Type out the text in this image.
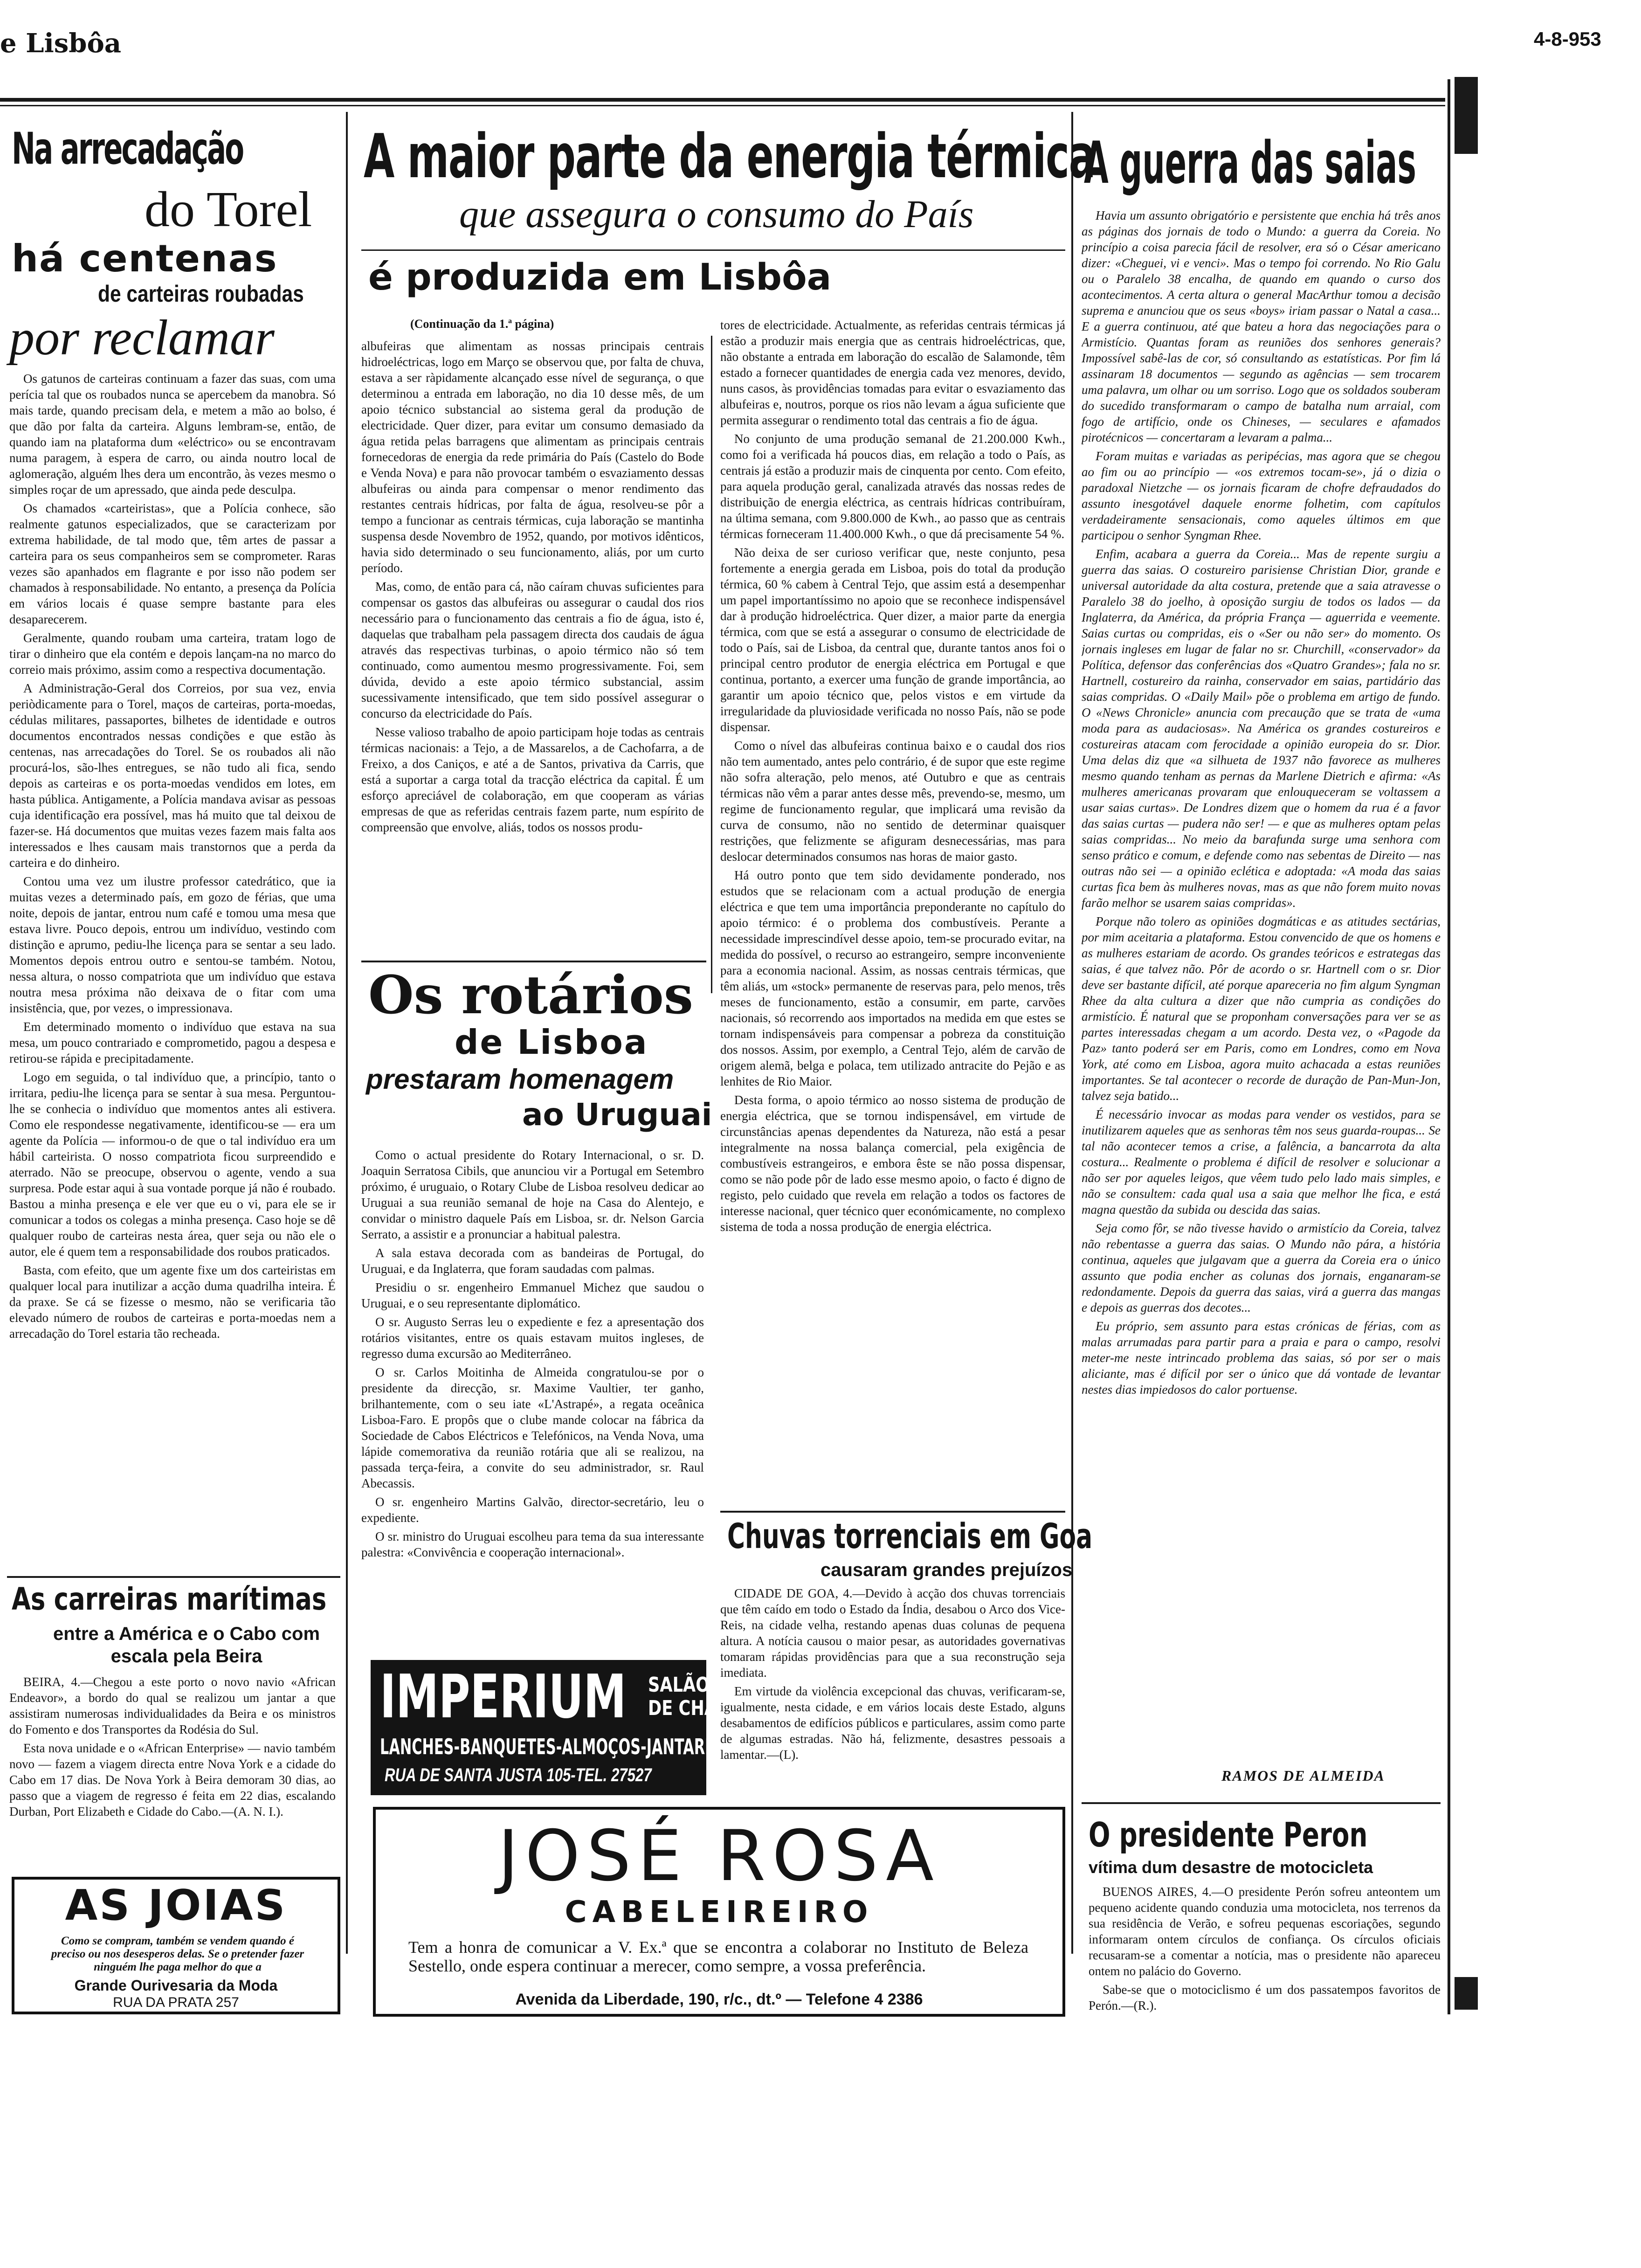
e Lisbôa	4-8-953
Na arrecadação
do Torel
há centenas
de carteiras roubadas
por reclamar

Os gatunos de carteiras continuam a fazer das suas, com uma perícia tal que os roubados nunca se apercebem da manobra. Só mais tarde, quando precisam dela, e metem a mão ao bolso, é que dão por falta da carteira. Alguns lembram-se, então, de quando iam na plataforma dum «eléctrico» ou se encontravam numa paragem, à espera de carro, ou ainda noutro local de aglomeração, alguém lhes dera um encontrão, às vezes mesmo o simples roçar de um apressado, que ainda pede desculpa.

Os chamados «carteiristas», que a Polícia conhece, são realmente gatunos especializados, que se caracterizam por extrema habilidade, de tal modo que, têm artes de passar a carteira para os seus companheiros sem se comprometer. Raras vezes são apanhados em flagrante e por isso não podem ser chamados à responsabilidade. No entanto, a presença da Polícia em vários locais é quase sempre bastante para eles desaparecerem.

Geralmente, quando roubam uma carteira, tratam logo de tirar o dinheiro que ela contém e depois lançam-na no marco do correio mais próximo, assim como a respectiva documentação.

A Administração-Geral dos Correios, por sua vez, envia periòdicamente para o Torel, maços de carteiras, porta-moedas, cédulas militares, passaportes, bilhetes de identidade e outros documentos encontrados nessas condições e que estão às centenas, nas arrecadações do Torel. Se os roubados ali não procurá-los, são-lhes entregues, se não tudo ali fica, sendo depois as carteiras e os porta-moedas vendidos em lotes, em hasta pública. Antigamente, a Polícia mandava avisar as pessoas cuja identificação era possível, mas há muito que tal deixou de fazer-se. Há documentos que muitas vezes fazem mais falta aos interessados e lhes causam mais transtornos que a perda da carteira e do dinheiro.

Contou uma vez um ilustre professor catedrático, que ia muitas vezes a determinado país, em gozo de férias, que uma noite, depois de jantar, entrou num café e tomou uma mesa que estava livre. Pouco depois, entrou um indivíduo, vestindo com distinção e aprumo, pediu-lhe licença para se sentar a seu lado. Momentos depois entrou outro e sentou-se também. Notou, nessa altura, o nosso compatriota que um indivíduo que estava noutra mesa próxima não deixava de o fitar com uma insistência, que, por vezes, o impressionava.

Em determinado momento o indivíduo que estava na sua mesa, um pouco contrariado e comprometido, pagou a despesa e retirou-se rápida e precipitadamente.

Logo em seguida, o tal indivíduo que, a princípio, tanto o irritara, pediu-lhe licença para se sentar à sua mesa. Perguntou-lhe se conhecia o indivíduo que momentos antes ali estivera. Como ele respondesse negativamente, identificou-se — era um agente da Polícia — informou-o de que o tal indivíduo era um hábil carteirista. O nosso compatriota ficou surpreendido e aterrado. Não se preocupe, observou o agente, vendo a sua surpresa. Pode estar aqui à sua vontade porque já não é roubado. Bastou a minha presença e ele ver que eu o vi, para ele se ir comunicar a todos os colegas a minha presença. Caso hoje se dê qualquer roubo de carteiras nesta área, quer seja ou não ele o autor, ele é quem tem a responsabilidade dos roubos praticados.

Basta, com efeito, que um agente fixe um dos carteiristas em qualquer local para inutilizar a acção duma quadrilha inteira. É da praxe. Se cá se fizesse o mesmo, não se verificaria tão elevado número de roubos de carteiras e porta-moedas nem a arrecadação do Torel estaria tão recheada.

As carreiras marítimas
entre a América e o Cabo com escala pela Beira

BEIRA, 4.—Chegou a este porto o novo navio «African Endeavor», a bordo do qual se realizou um jantar a que assistiram numerosas individualidades da Beira e os ministros do Fomento e dos Transportes da Rodésia do Sul.

Esta nova unidade e o «African Enterprise» — navio também novo — fazem a viagem directa entre Nova York e a cidade do Cabo em 17 dias. De Nova York à Beira demoram 30 dias, ao passo que a viagem de regresso é feita em 22 dias, escalando Durban, Port Elizabeth e Cidade do Cabo.—(A. N. I.).

AS JOIAS
Como se compram, também se vendem quando é preciso ou nos desesperos delas. Se o pretender fazer ninguém lhe paga melhor do que a
Grande Ourivesaria da Moda
RUA DA PRATA 257
A maior parte da energia térmica
que assegura o consumo do País
é produzida em Lisbôa
(Continuação da 1.ª página)

albufeiras que alimentam as nossas principais centrais hidroeléctricas, logo em Março se observou que, por falta de chuva, estava a ser ràpidamente alcançado esse nível de segurança, o que determinou a entrada em laboração, no dia 10 desse mês, de um apoio técnico substancial ao sistema geral da produção de electricidade. Quer dizer, para evitar um consumo demasiado da água retida pelas barragens que alimentam as principais centrais fornecedoras de energia da rede primária do País (Castelo do Bode e Venda Nova) e para não provocar também o esvaziamento dessas albufeiras ou ainda para compensar o menor rendimento das restantes centrais hídricas, por falta de água, resolveu-se pôr a tempo a funcionar as centrais térmicas, cuja laboração se mantinha suspensa desde Novembro de 1952, quando, por motivos idênticos, havia sido determinado o seu funcionamento, aliás, por um curto período.

Mas, como, de então para cá, não caíram chuvas suficientes para compensar os gastos das albufeiras ou assegurar o caudal dos rios necessário para o funcionamento das centrais a fio de água, isto é, daquelas que trabalham pela passagem directa dos caudais de água através das respectivas turbinas, o apoio térmico não só tem continuado, como aumentou mesmo progressivamente. Foi, sem dúvida, devido a este apoio térmico substancial, assim sucessivamente intensificado, que tem sido possível assegurar o concurso da electricidade do País.

Nesse valioso trabalho de apoio participam hoje todas as centrais térmicas nacionais: a Tejo, a de Massarelos, a de Cachofarra, a de Freixo, a dos Caniços, e até a de Santos, privativa da Carris, que está a suportar a carga total da tracção eléctrica da capital. É um esforço apreciável de colaboração, em que cooperam as várias empresas de que as referidas centrais fazem parte, num espírito de compreensão que envolve, aliás, todos os nossos produ-

tores de electricidade. Actualmente, as referidas centrais térmicas já estão a produzir mais energia que as centrais hidroeléctricas, que, não obstante a entrada em laboração do escalão de Salamonde, têm estado a fornecer quantidades de energia cada vez menores, devido, nuns casos, às providências tomadas para evitar o esvaziamento das albufeiras e, noutros, porque os rios não levam a água suficiente que permita assegurar o rendimento total das centrais a fio de água.

No conjunto de uma produção semanal de 21.200.000 Kwh., como foi a verificada há poucos dias, em relação a todo o País, as centrais já estão a produzir mais de cinquenta por cento. Com efeito, para aquela produção geral, canalizada através das nossas redes de distribuição de energia eléctrica, as centrais hídricas contribuíram, na última semana, com 9.800.000 de Kwh., ao passo que as centrais térmicas forneceram 11.400.000 Kwh., o que dá precisamente 54 %.

Não deixa de ser curioso verificar que, neste conjunto, pesa fortemente a energia gerada em Lisboa, pois do total da produção térmica, 60 % cabem à Central Tejo, que assim está a desempenhar um papel importantíssimo no apoio que se reconhece indispensável dar à produção hidroeléctrica. Quer dizer, a maior parte da energia térmica, com que se está a assegurar o consumo de electricidade de todo o País, sai de Lisboa, da central que, durante tantos anos foi o principal centro produtor de energia eléctrica em Portugal e que continua, portanto, a exercer uma função de grande importância, ao garantir um apoio técnico que, pelos vistos e em virtude da irregularidade da pluviosidade verificada no nosso País, não se pode dispensar.

Como o nível das albufeiras continua baixo e o caudal dos rios não tem aumentado, antes pelo contrário, é de supor que este regime não sofra alteração, pelo menos, até Outubro e que as centrais térmicas não vêm a parar antes desse mês, prevendo-se, mesmo, um regime de funcionamento regular, que implicará uma revisão da curva de consumo, não no sentido de determinar quaisquer restrições, que felizmente se afiguram desnecessárias, mas para deslocar determinados consumos nas horas de maior gasto.

Há outro ponto que tem sido devidamente ponderado, nos estudos que se relacionam com a actual produção de energia eléctrica e que tem uma importância preponderante no capítulo do apoio térmico: é o problema dos combustíveis. Perante a necessidade imprescindível desse apoio, tem-se procurado evitar, na medida do possível, o recurso ao estrangeiro, sempre inconveniente para a economia nacional. Assim, as nossas centrais térmicas, que têm aliás, um «stock» permanente de reservas para, pelo menos, três meses de funcionamento, estão a consumir, em parte, carvões nacionais, só recorrendo aos importados na medida em que estes se tornam indispensáveis para compensar a pobreza da constituição dos nossos. Assim, por exemplo, a Central Tejo, além de carvão de origem alemã, belga e polaca, tem utilizado antracite do Pejão e as lenhites de Rio Maior.

Desta forma, o apoio térmico ao nosso sistema de produção de energia eléctrica, que se tornou indispensável, em virtude de circunstâncias apenas dependentes da Natureza, não está a pesar integralmente na nossa balança comercial, pela exigência de combustíveis estrangeiros, e embora êste se não possa dispensar, como se não pode pôr de lado esse mesmo apoio, o facto é digno de registo, pelo cuidado que revela em relação a todos os factores de interesse nacional, quer técnico quer económicamente, no complexo sistema de toda a nossa produção de energia eléctrica.

Os rotários
de Lisboa
prestaram homenagem
ao Uruguai

Como o actual presidente do Rotary Internacional, o sr. D. Joaquin Serratosa Cibils, que anunciou vir a Portugal em Setembro próximo, é uruguaio, o Rotary Clube de Lisboa resolveu dedicar ao Uruguai a sua reunião semanal de hoje na Casa do Alentejo, e convidar o ministro daquele País em Lisboa, sr. dr. Nelson Garcia Serrato, a assistir e a pronunciar a habitual palestra.

A sala estava decorada com as bandeiras de Portugal, do Uruguai, e da Inglaterra, que foram saudadas com palmas.

Presidiu o sr. engenheiro Emmanuel Michez que saudou o Uruguai, e o seu representante diplomático.

O sr. Augusto Serras leu o expediente e fez a apresentação dos rotários visitantes, entre os quais estavam muitos ingleses, de regresso duma excursão ao Mediterrâneo.

O sr. Carlos Moitinha de Almeida congratulou-se por o presidente da direcção, sr. Maxime Vaultier, ter ganho, brilhantemente, com o seu iate «L'Astrapé», a regata oceânica Lisboa-Faro. E propôs que o clube mande colocar na fábrica da Sociedade de Cabos Eléctricos e Telefónicos, na Venda Nova, uma lápide comemorativa da reunião rotária que ali se realizou, na passada terça-feira, a convite do seu administrador, sr. Raul Abecassis.

O sr. engenheiro Martins Galvão, director-secretário, leu o expediente.

O sr. ministro do Uruguai escolheu para tema da sua interessante palestra: «Convivência e cooperação internacional».

IMPERIUM SALÃO
DE CHÁ
LANCHES-BANQUETES-ALMOÇOS-JANTARES
RUA DE SANTA JUSTA 105-TEL. 27527
Chuvas torrenciais em Goa
causaram grandes prejuízos

CIDADE DE GOA, 4.—Devido à acção dos chuvas torrenciais que têm caído em todo o Estado da Índia, desabou o Arco dos Vice-Reis, na cidade velha, restando apenas duas colunas de pequena altura. A notícia causou o maior pesar, as autoridades governativas tomaram rápidas providências para que a sua reconstrução seja imediata.

Em virtude da violência excepcional das chuvas, verificaram-se, igualmente, nesta cidade, e em vários locais deste Estado, alguns desabamentos de edifícios públicos e particulares, assim como parte de algumas estradas. Não há, felizmente, desastres pessoais a lamentar.—(L).

JOSÉ ROSA
CABELEIREIRO
Tem a honra de comunicar a V. Ex.ª que se encontra a colaborar no Instituto de Beleza Sestello, onde espera continuar a merecer, como sempre, a vossa preferência.
Avenida da Liberdade, 190, r/c., dt.º — Telefone 4 2386
A guerra das saias

Havia um assunto obrigatório e persistente que enchia há três anos as páginas dos jornais de todo o Mundo: a guerra da Coreia. No princípio a coisa parecia fácil de resolver, era só o César americano dizer: «Cheguei, vi e venci». Mas o tempo foi correndo. No Rio Galu ou o Paralelo 38 encalha, de quando em quando o curso dos acontecimentos. A certa altura o general MacArthur tomou a decisão suprema e anunciou que os seus «boys» iriam passar o Natal a casa... E a guerra continuou, até que bateu a hora das negociações para o Armistício. Quantas foram as reuniões dos senhores generais? Impossível sabê-las de cor, só consultando as estatísticas. Por fim lá assinaram 18 documentos — segundo as agências — sem trocarem uma palavra, um olhar ou um sorriso. Logo que os soldados souberam do sucedido transformaram o campo de batalha num arraial, com fogo de artifício, onde os Chineses, — seculares e afamados pirotécnicos — concertaram a levaram a palma...

Foram muitas e variadas as peripécias, mas agora que se chegou ao fim ou ao princípio — «os extremos tocam-se», já o dizia o paradoxal Nietzche — os jornais ficaram de chofre defraudados do assunto inesgotável daquele enorme folhetim, com capítulos verdadeiramente sensacionais, como aqueles últimos em que participou o senhor Syngman Rhee.

Enfim, acabara a guerra da Coreia... Mas de repente surgiu a guerra das saias. O costureiro parisiense Christian Dior, grande e universal autoridade da alta costura, pretende que a saia atravesse o Paralelo 38 do joelho, à oposição surgiu de todos os lados — da Inglaterra, da América, da própria França — aguerrida e veemente. Saias curtas ou compridas, eis o «Ser ou não ser» do momento. Os jornais ingleses em lugar de falar no sr. Churchill, «conservador» da Política, defensor das conferências dos «Quatro Grandes»; fala no sr. Hartnell, costureiro da rainha, conservador em saias, partidário das saias compridas. O «Daily Mail» põe o problema em artigo de fundo. O «News Chronicle» anuncia com precaução que se trata de «uma moda para as audaciosas». Na América os grandes costureiros e costureiras atacam com ferocidade a opinião europeia do sr. Dior. Uma delas diz que «a silhueta de 1937 não favorece as mulheres mesmo quando tenham as pernas da Marlene Dietrich e afirma: «As mulheres americanas provaram que enlouqueceram se voltassem a usar saias curtas». De Londres dizem que o homem da rua é a favor das saias curtas — pudera não ser! — e que as mulheres optam pelas saias compridas... No meio da barafunda surge uma senhora com senso prático e comum, e defende como nas sebentas de Direito — nas outras não sei — a opinião eclética e adoptada: «A moda das saias curtas fica bem às mulheres novas, mas as que não forem muito novas farão melhor se usarem saias compridas».

Porque não tolero as opiniões dogmáticas e as atitudes sectárias, por mim aceitaria a plataforma. Estou convencido de que os homens e as mulheres estariam de acordo. Os grandes teóricos e estrategas das saias, é que talvez não. Pôr de acordo o sr. Hartnell com o sr. Dior deve ser bastante difícil, até porque apareceria no fim algum Syngman Rhee da alta cultura a dizer que não cumpria as condições do armistício. É natural que se proponham conversações para ver se as partes interessadas chegam a um acordo. Desta vez, o «Pagode da Paz» tanto poderá ser em Paris, como em Londres, como em Nova York, até como em Lisboa, agora muito achacada a estas reuniões importantes. Se tal acontecer o recorde de duração de Pan-Mun-Jon, talvez seja batido...

É necessário invocar as modas para vender os vestidos, para se inutilizarem aqueles que as senhoras têm nos seus guarda-roupas... Se tal não acontecer temos a crise, a falência, a bancarrota da alta costura... Realmente o problema é difícil de resolver e solucionar a não ser por aqueles leigos, que vêem tudo pelo lado mais simples, e não se consultem: cada qual usa a saia que melhor lhe fica, e está magna questão da subida ou descida das saias.

Seja como fôr, se não tivesse havido o armistício da Coreia, talvez não rebentasse a guerra das saias. O Mundo não pára, a história continua, aqueles que julgavam que a guerra da Coreia era o único assunto que podia encher as colunas dos jornais, enganaram-se redondamente. Depois da guerra das saias, virá a guerra das mangas e depois as guerras dos decotes...

Eu próprio, sem assunto para estas crónicas de férias, com as malas arrumadas para partir para a praia e para o campo, resolvi meter-me neste intrincado problema das saias, só por ser o mais aliciante, mas é difícil por ser o único que dá vontade de levantar nestes dias impiedosos do calor portuense.

RAMOS DE ALMEIDA
O presidente Peron
vítima dum desastre de motocicleta

BUENOS AIRES, 4.—O presidente Perón sofreu anteontem um pequeno acidente quando conduzia uma motocicleta, nos terrenos da sua residência de Verão, e sofreu pequenas escoriações, segundo informaram ontem círculos de confiança. Os círculos oficiais recusaram-se a comentar a notícia, mas o presidente não apareceu ontem no palácio do Governo.

Sabe-se que o motociclismo é um dos passatempos favoritos de Perón.—(R.).
